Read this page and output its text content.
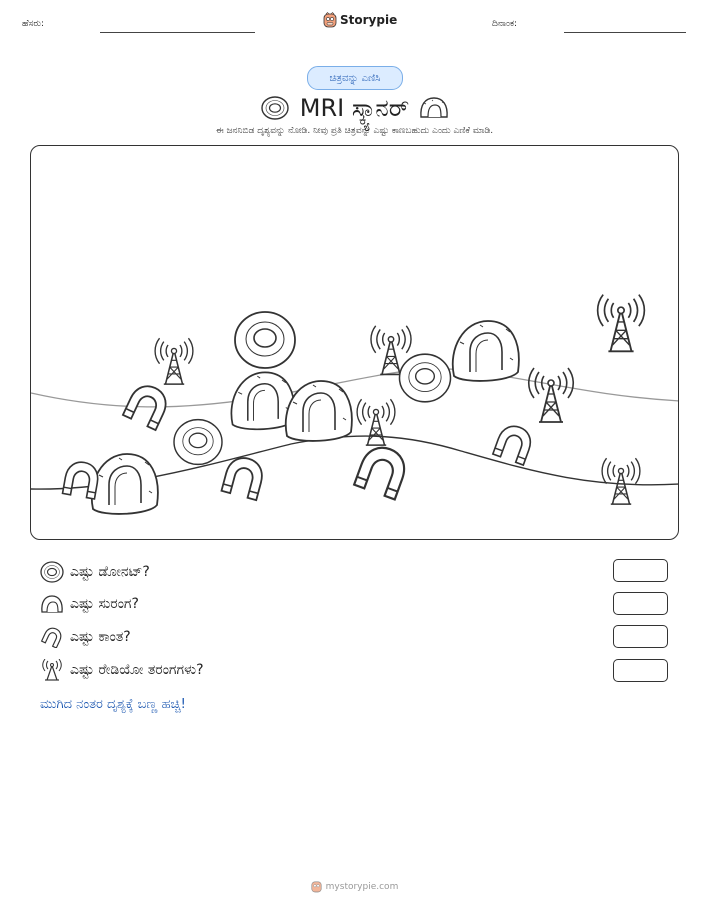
ಹೆಸರು:	Storypie	ದಿನಾಂಕ:
ಚಿತ್ರವನ್ನು ಎಣಿಸಿ
MRI ಸ್ಕ್ಯಾನರ್
ಈ ಜನನಿಬಿಡ ದೃಶ್ಯವನ್ನು ನೋಡಿ. ನೀವು ಪ್ರತಿ ಚಿತ್ರವನ್ನು ಎಷ್ಟು ಕಾಣಬಹುದು ಎಂದು ಎಣಿಕೆ ಮಾಡಿ.
ಎಷ್ಟು ಡೋನಟ್?
ಎಷ್ಟು ಸುರಂಗ?
ಎಷ್ಟು ಕಾಂತ?
ಎಷ್ಟು ರೇಡಿಯೋ ತರಂಗಗಳು?
ಮುಗಿದ ನಂತರ ದೃಶ್ಯಕ್ಕೆ ಬಣ್ಣ ಹಚ್ಚಿ!
mystorypie.com
